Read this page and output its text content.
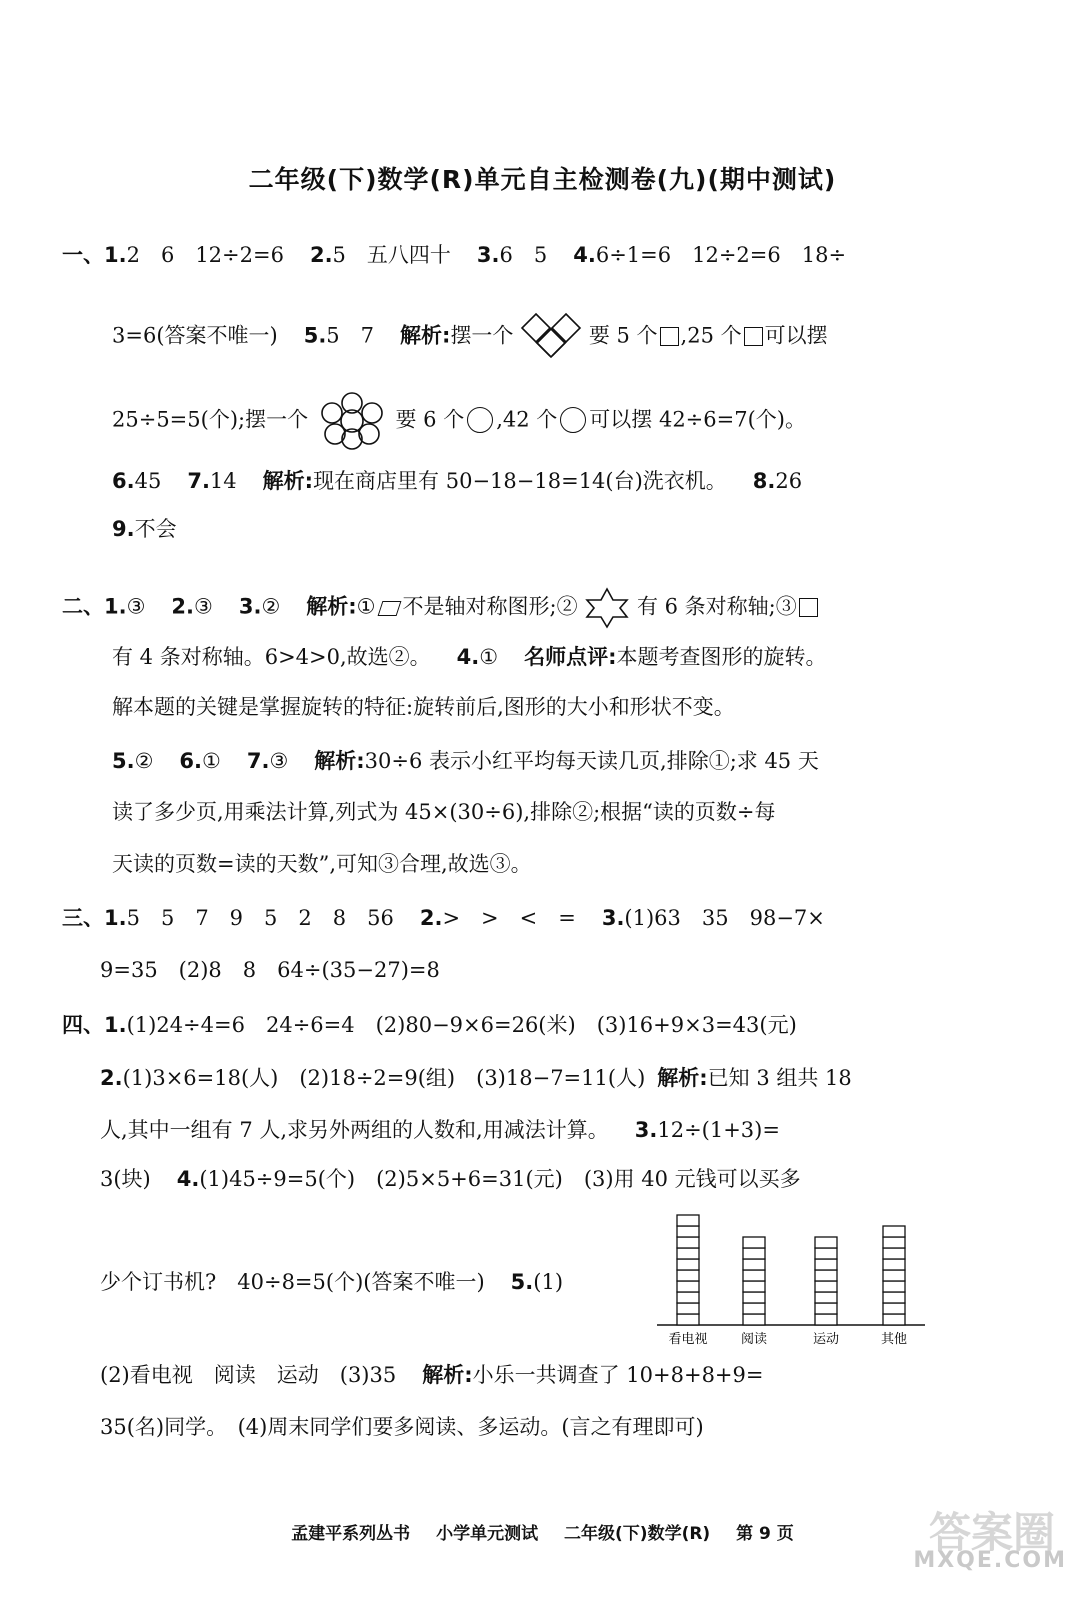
二年级(下)数学(R)单元自主检测卷(九)(期中测试)
一、1.2　6　12÷2=6 2.5　五八四十 3.6　5 4.6÷1=6　12÷2=6　18÷
3=6(答案不唯一) 5.5　7 解析:摆一个	要 5 个 ,25 个 可以摆
25÷5=5(个);摆一个	要 6 个 ,42 个 可以摆 42÷6=7(个)。
6.45 7.14 解析:现在商店里有 50−18−18=14(台)洗衣机。 8.26
9.不会
二、1.③ 2.③ 3.② 解析:① 不是轴对称图形;②	有 6 条对称轴;③
有 4 条对称轴。6>4>0,故选②。 4.① 名师点评:本题考查图形的旋转。
解本题的关键是掌握旋转的特征:旋转前后,图形的大小和形状不变。
5.② 6.① 7.③ 解析:30÷6 表示小红平均每天读几页,排除①;求 45 天
读了多少页,用乘法计算,列式为 45×(30÷6),排除②;根据“读的页数÷每
天读的页数=读的天数”,可知③合理,故选③。
三、1.5　5　7　9　5　2　8　56 2.>　>　<　= 3.(1)63　35　98−7×
9=35　(2)8　8　64÷(35−27)=8
四、1.(1)24÷4=6　24÷6=4　(2)80−9×6=26(米)　(3)16+9×3=43(元)
2.(1)3×6=18(人)　(2)18÷2=9(组)　(3)18−7=11(人) 解析:已知 3 组共 18
人,其中一组有 7 人,求另外两组的人数和,用减法计算。 3.12÷(1+3)=
3(块) 4.(1)45÷9=5(个)　(2)5×5+6=31(元)　(3)用 40 元钱可以买多
少个订书机?　40÷8=5(个)(答案不唯一) 5.(1)
看电视	阅读	运动	其他
(2)看电视　阅读　运动　(3)35 解析:小乐一共调查了 10+8+8+9=
35(名)同学。　(4)周末同学们要多阅读、多运动。(言之有理即可)
孟建平系列丛书 小学单元测试 二年级(下)数学(R) 第 9 页	答案圈
MXQE.COM
